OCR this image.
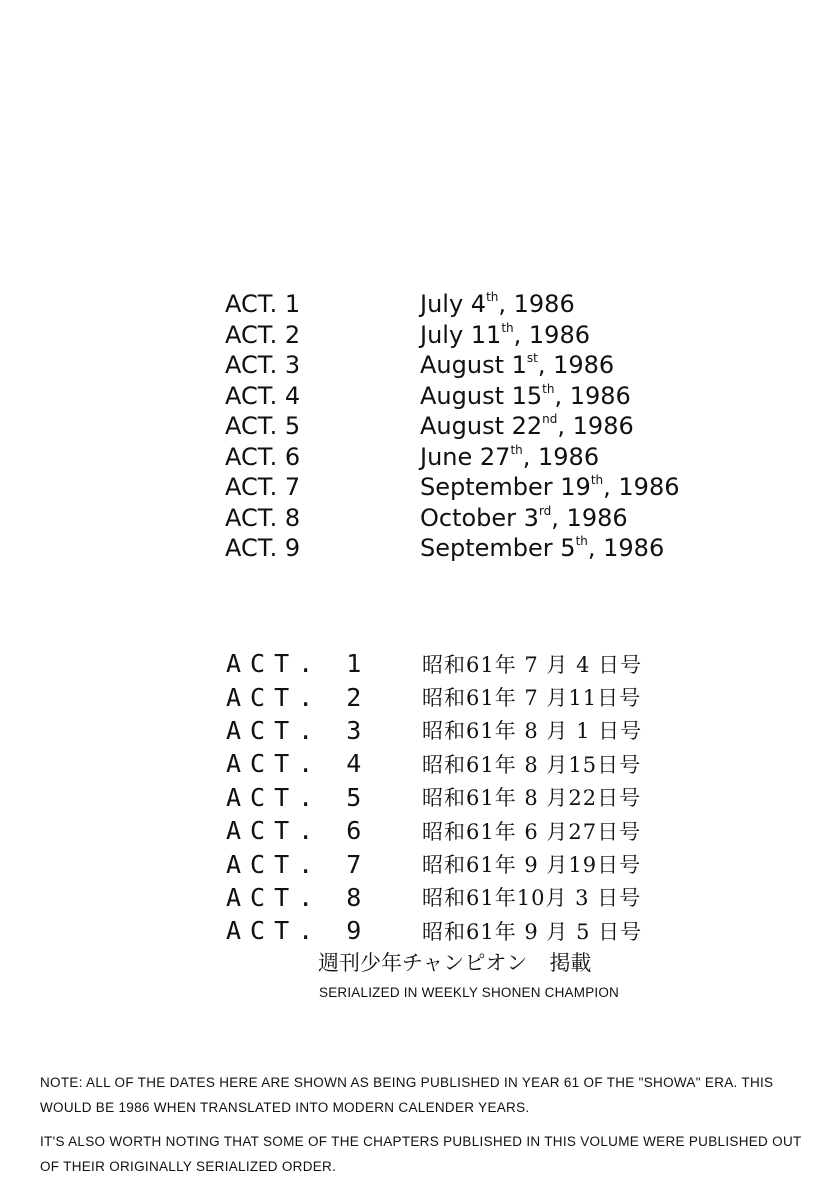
ACT. 1	July 4th, 1986
ACT. 2	July 11th, 1986
ACT. 3	August 1st, 1986
ACT. 4	August 15th, 1986
ACT. 5	August 22nd, 1986
ACT. 6	June 27th, 1986
ACT. 7	September 19th, 1986
ACT. 8	October 3rd, 1986
ACT. 9	September 5th, 1986
ACT. 1	昭和61年 7 月 4 日号
ACT. 2	昭和61年 7 月11日号
ACT. 3	昭和61年 8 月 1 日号
ACT. 4	昭和61年 8 月15日号
ACT. 5	昭和61年 8 月22日号
ACT. 6	昭和61年 6 月27日号
ACT. 7	昭和61年 9 月19日号
ACT. 8	昭和61年10月 3 日号
ACT. 9	昭和61年 9 月 5 日号
週刊少年チャンピオン 掲載
SERIALIZED IN WEEKLY SHONEN CHAMPION

NOTE: ALL OF THE DATES HERE ARE SHOWN AS BEING PUBLISHED IN YEAR 61 OF THE "SHOWA" ERA. THIS WOULD BE 1986 WHEN TRANSLATED INTO MODERN CALENDER YEARS.

IT'S ALSO WORTH NOTING THAT SOME OF THE CHAPTERS PUBLISHED IN THIS VOLUME WERE PUBLISHED OUT OF THEIR ORIGINALLY SERIALIZED ORDER.
